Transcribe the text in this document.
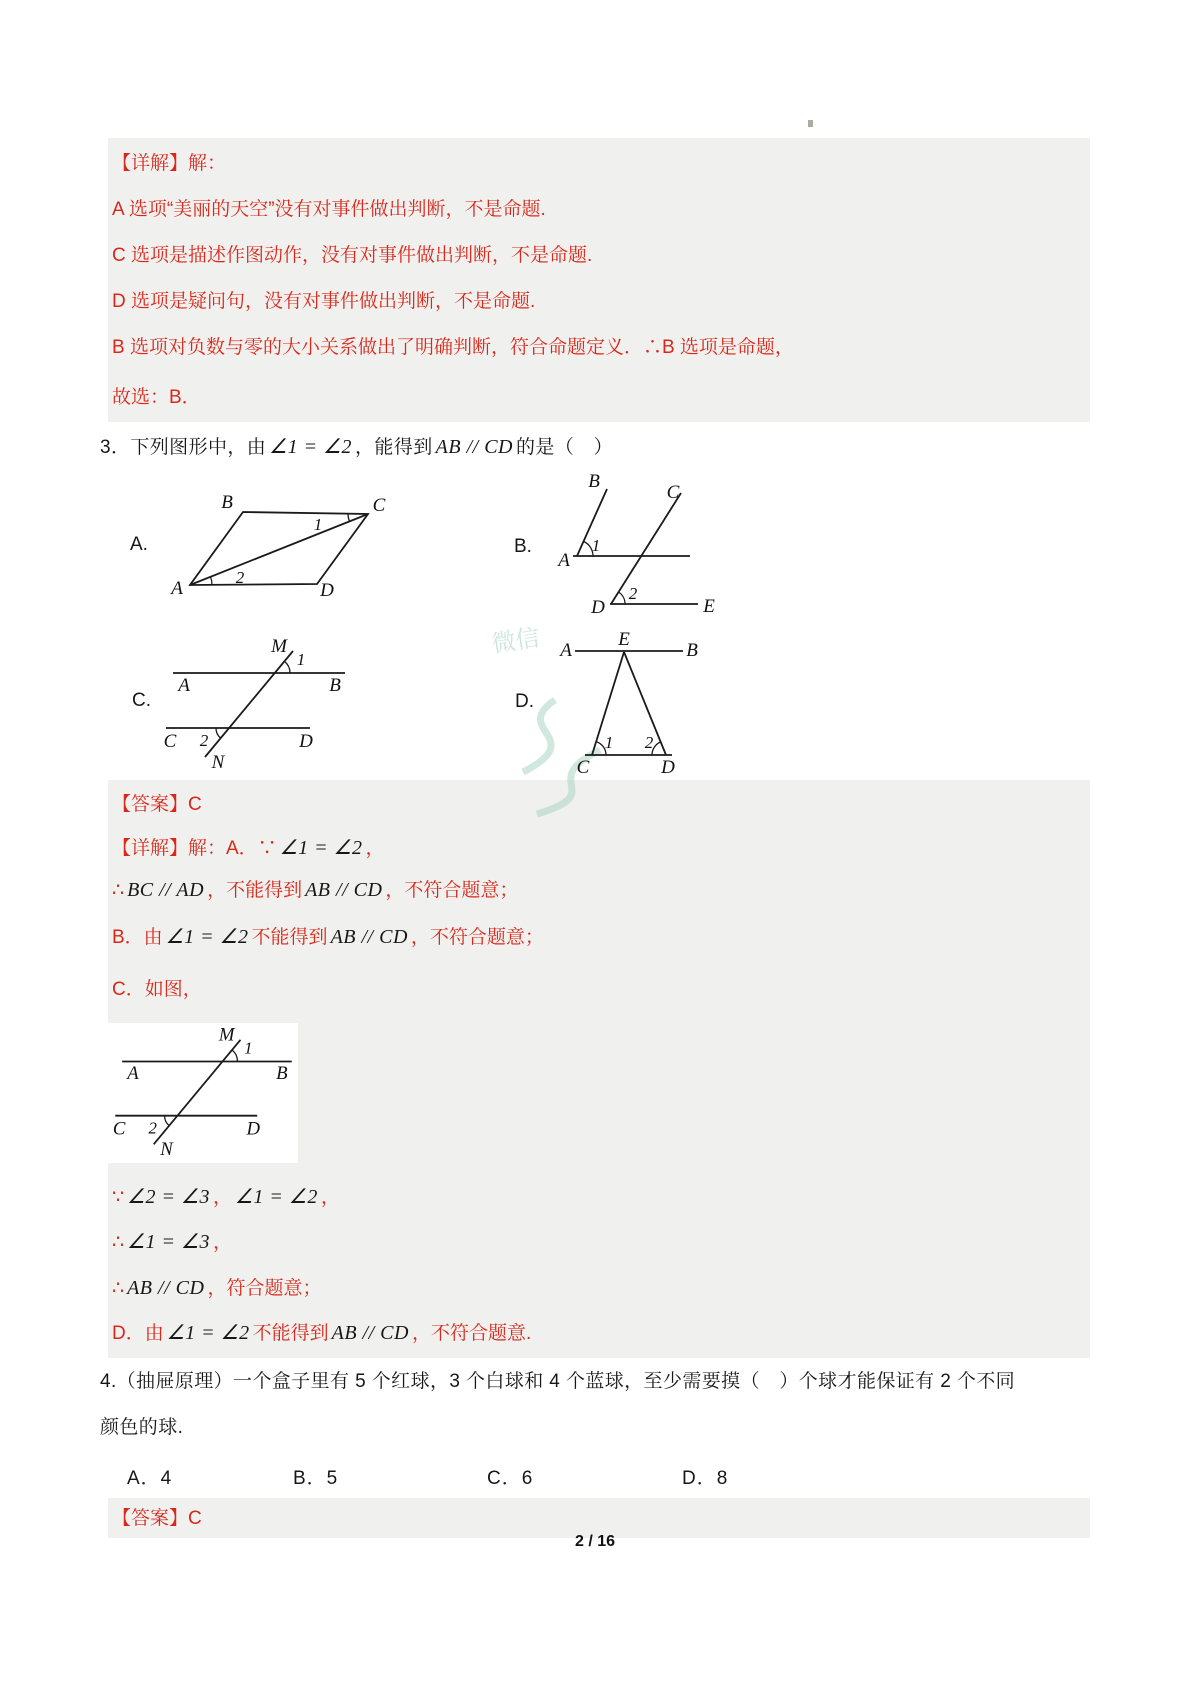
微信
【详解】解：
A 选项“美丽的天空”没有对事件做出判断，不是命题.
C 选项是描述作图动作，没有对事件做出判断，不是命题.
D 选项是疑问句，没有对事件做出判断，不是命题.
B 选项对负数与零的大小关系做出了明确判断，符合命题定义．∴B 选项是命题，
故选：B．
3．下列图形中，由 ∠1 = ∠2 ，能得到 AB // CD 的是（　）
A.	B.
C.	D.
B	C
A	D
1
2
B
C
A
D	E
1
2
M
A	B
C	D
N
1
2
A
E
B
C	D
1 2
【答案】C
【详解】解：A．∵ ∠1 = ∠2 ，
∴ BC // AD ，不能得到 AB // CD ，不符合题意；
B．由 ∠1 = ∠2 不能得到 AB // CD ，不符合题意；
C．如图，
M
A	B
C	D
N
1
2
∵ ∠2 = ∠3 ， ∠1 = ∠2 ，
∴ ∠1 = ∠3 ，
∴ AB // CD ，符合题意；
D．由 ∠1 = ∠2 不能得到 AB // CD ，不符合题意.
4.（抽屉原理）一个盒子里有 5 个红球，3 个白球和 4 个蓝球，至少需要摸（　）个球才能保证有 2 个不同
颜色的球.
A．4	B．5	C．6	D．8
【答案】C
2 / 16
